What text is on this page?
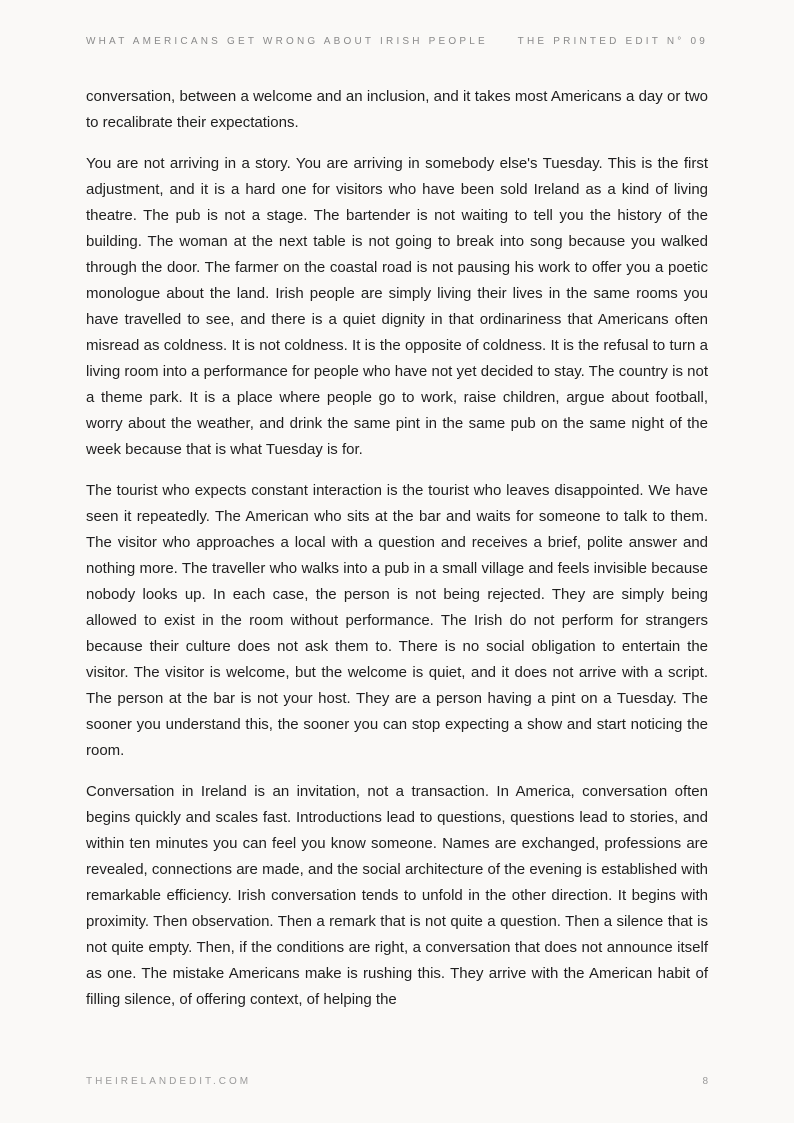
WHAT AMERICANS GET WRONG ABOUT IRISH PEOPLE	THE PRINTED EDIT N° 09

conversation, between a welcome and an inclusion, and it takes most Americans a day or two to recalibrate their expectations.

You are not arriving in a story. You are arriving in somebody else's Tuesday. This is the first adjustment, and it is a hard one for visitors who have been sold Ireland as a kind of living theatre. The pub is not a stage. The bartender is not waiting to tell you the history of the building. The woman at the next table is not going to break into song because you walked through the door. The farmer on the coastal road is not pausing his work to offer you a poetic monologue about the land. Irish people are simply living their lives in the same rooms you have travelled to see, and there is a quiet dignity in that ordinariness that Americans often misread as coldness. It is not coldness. It is the opposite of coldness. It is the refusal to turn a living room into a performance for people who have not yet decided to stay. The country is not a theme park. It is a place where people go to work, raise children, argue about football, worry about the weather, and drink the same pint in the same pub on the same night of the week because that is what Tuesday is for.

The tourist who expects constant interaction is the tourist who leaves disappointed. We have seen it repeatedly. The American who sits at the bar and waits for someone to talk to them. The visitor who approaches a local with a question and receives a brief, polite answer and nothing more. The traveller who walks into a pub in a small village and feels invisible because nobody looks up. In each case, the person is not being rejected. They are simply being allowed to exist in the room without performance. The Irish do not perform for strangers because their culture does not ask them to. There is no social obligation to entertain the visitor. The visitor is welcome, but the welcome is quiet, and it does not arrive with a script. The person at the bar is not your host. They are a person having a pint on a Tuesday. The sooner you understand this, the sooner you can stop expecting a show and start noticing the room.

Conversation in Ireland is an invitation, not a transaction. In America, conversation often begins quickly and scales fast. Introductions lead to questions, questions lead to stories, and within ten minutes you can feel you know someone. Names are exchanged, professions are revealed, connections are made, and the social architecture of the evening is established with remarkable efficiency. Irish conversation tends to unfold in the other direction. It begins with proximity. Then observation. Then a remark that is not quite a question. Then a silence that is not quite empty. Then, if the conditions are right, a conversation that does not announce itself as one. The mistake Americans make is rushing this. They arrive with the American habit of filling silence, of offering context, of helping the

THEIRELANDEDIT.COM	8
